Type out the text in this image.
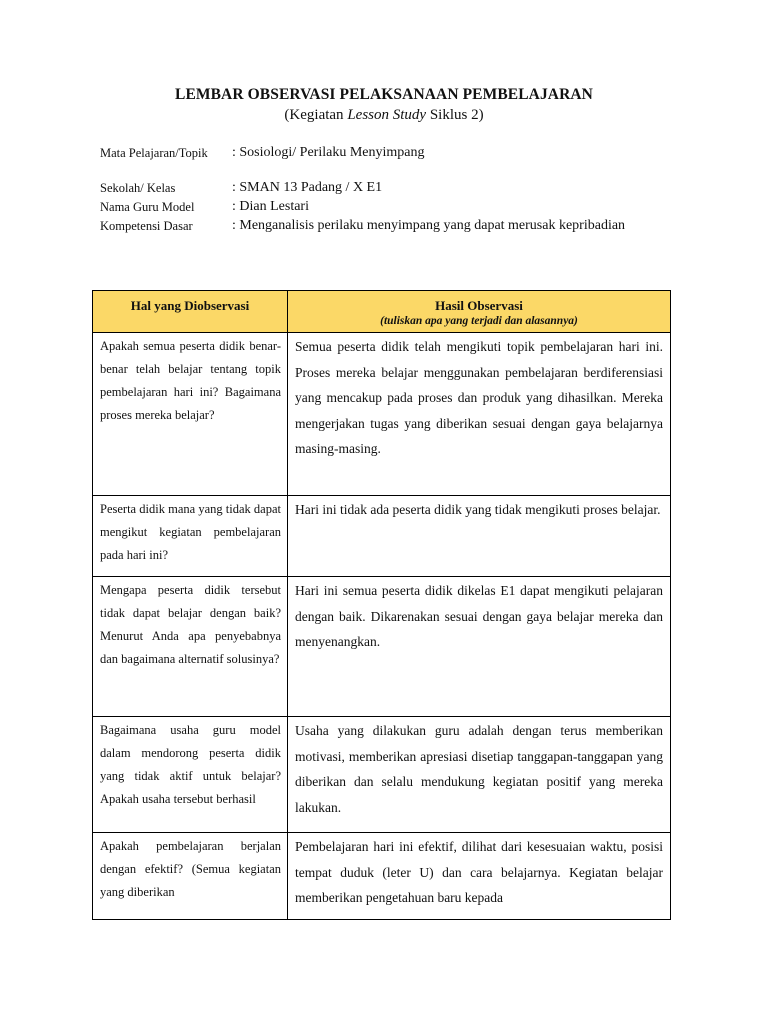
LEMBAR OBSERVASI PELAKSANAAN PEMBELAJARAN
(Kegiatan Lesson Study Siklus 2)
Mata Pelajaran/Topik	: Sosiologi/ Perilaku Menyimpang
Sekolah/ Kelas	: SMAN 13 Padang / X E1
Nama Guru Model	: Dian Lestari
Kompetensi Dasar	: Menganalisis perilaku menyimpang yang dapat merusak kepribadian
Hal yang Diobservasi	Hasil Observasi
(tuliskan apa yang terjadi dan alasannya)

Apakah semua peserta didik benar-benar telah belajar tentang topik pembelajaran hari ini? Bagaimana proses mereka belajar?	Semua peserta didik telah mengikuti topik pembelajaran hari ini. Proses mereka belajar menggunakan pembelajaran berdiferensiasi yang mencakup pada proses dan produk yang dihasilkan. Mereka mengerjakan tugas yang diberikan sesuai dengan gaya belajarnya masing-masing.

Peserta didik mana yang tidak dapat mengikut kegiatan pembelajaran pada hari ini?	Hari ini tidak ada peserta didik yang tidak mengikuti proses belajar.

Mengapa peserta didik tersebut tidak dapat belajar dengan baik? Menurut Anda apa penyebabnya dan bagaimana alternatif solusinya?	Hari ini semua peserta didik dikelas E1 dapat mengikuti pelajaran dengan baik. Dikarenakan sesuai dengan gaya belajar mereka dan menyenangkan.

Bagaimana usaha guru model dalam mendorong peserta didik yang tidak aktif untuk belajar? Apakah usaha tersebut berhasil	Usaha yang dilakukan guru adalah dengan terus memberikan motivasi, memberikan apresiasi disetiap tanggapan-tanggapan yang diberikan dan selalu mendukung kegiatan positif yang mereka lakukan.

Apakah pembelajaran berjalan dengan efektif? (Semua kegiatan yang diberikan	Pembelajaran hari ini efektif, dilihat dari kesesuaian waktu, posisi tempat duduk (leter U) dan cara belajarnya. Kegiatan belajar memberikan pengetahuan baru kepada
